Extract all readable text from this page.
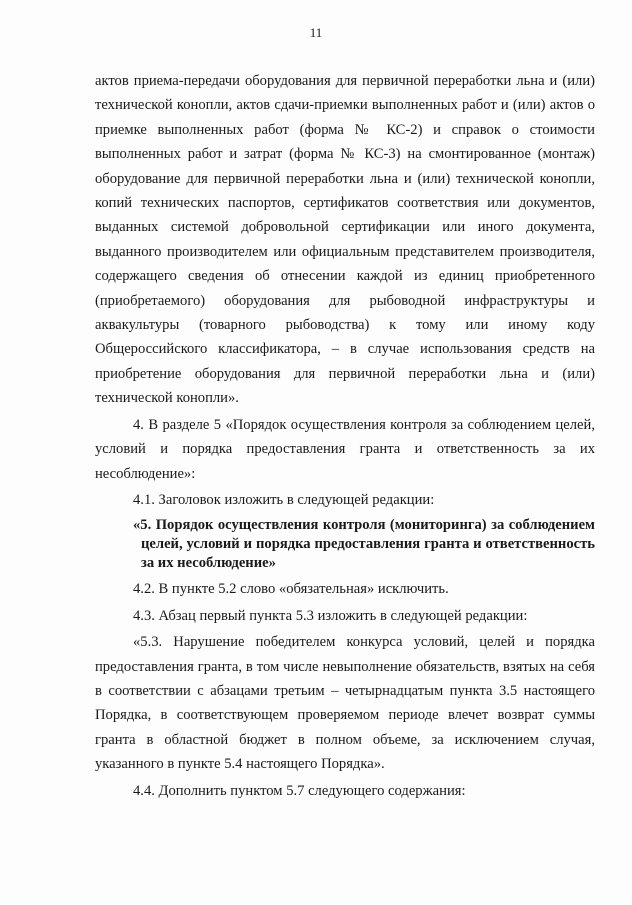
11

актов приема-передачи оборудования для первичной переработки льна и (или) технической конопли, актов сдачи-приемки выполненных работ и (или) актов о приемке выполненных работ (форма № КС-2) и справок о стоимости выполненных работ и затрат (форма № КС-3) на смонтированное (монтаж) оборудование для первичной переработки льна и (или) технической конопли, копий технических паспортов, сертификатов соответствия или документов, выданных системой добровольной сертификации или иного документа, выданного производителем или официальным представителем производителя, содержащего сведения об отнесении каждой из единиц приобретенного (приобретаемого) оборудования для рыбоводной инфраструктуры и аквакультуры (товарного рыбоводства) к тому или иному коду Общероссийского классификатора, – в случае использования средств на приобретение оборудования для первичной переработки льна и (или) технической конопли».

4. В разделе 5 «Порядок осуществления контроля за соблюдением целей, условий и порядка предоставления гранта и ответственность за их несоблюдение»:

4.1. Заголовок изложить в следующей редакции:

«5. Порядок осуществления контроля (мониторинга) за соблюдением целей, условий и порядка предоставления гранта и ответственность за их несоблюдение»

4.2. В пункте 5.2 слово «обязательная» исключить.

4.3. Абзац первый пункта 5.3 изложить в следующей редакции:

«5.3. Нарушение победителем конкурса условий, целей и порядка предоставления гранта, в том числе невыполнение обязательств, взятых на себя в соответствии с абзацами третьим – четырнадцатым пункта 3.5 настоящего Порядка, в соответствующем проверяемом периоде влечет возврат суммы гранта в областной бюджет в полном объеме, за исключением случая, указанного в пункте 5.4 настоящего Порядка».

4.4. Дополнить пунктом 5.7 следующего содержания:
